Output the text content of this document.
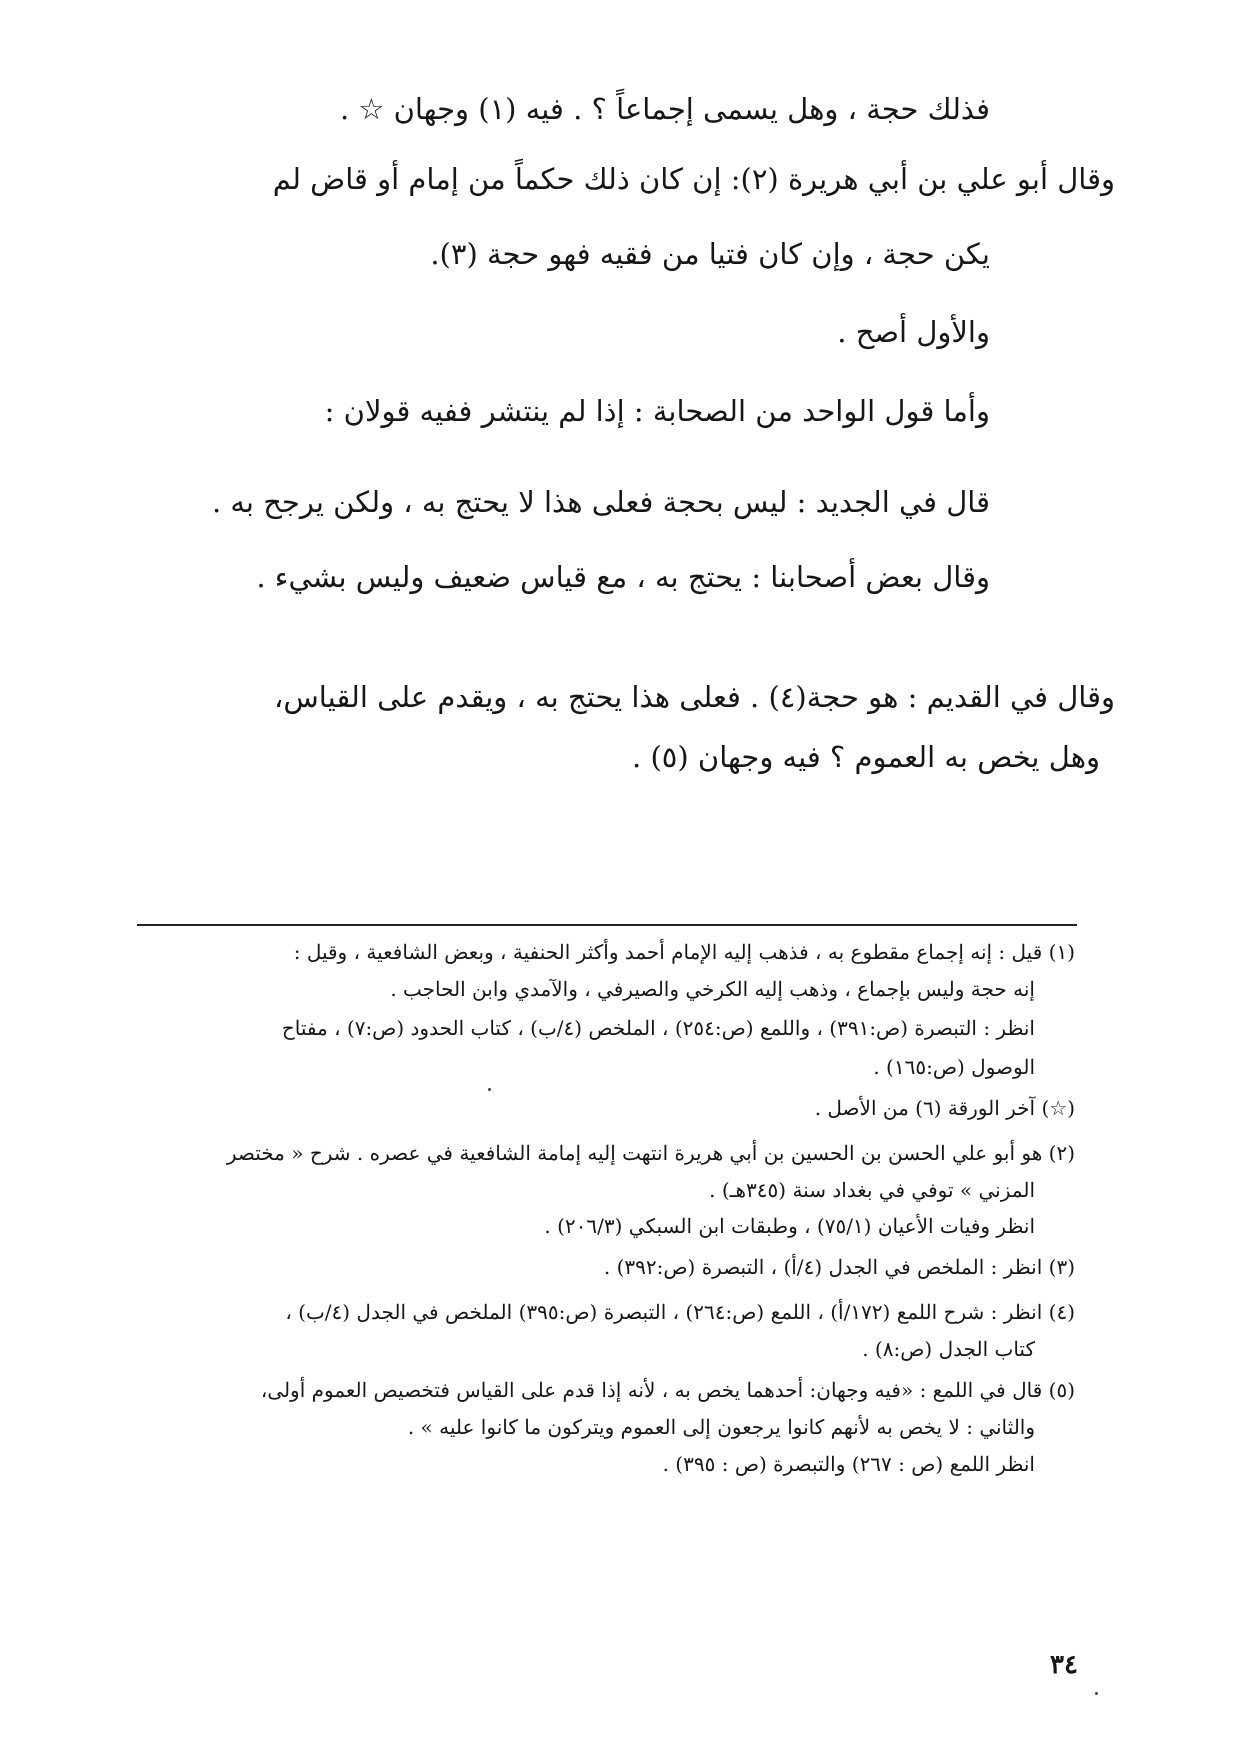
فذلك حجة ، وهل يسمى إجماعاً ؟ . فيه (١) وجهان ☆ .
وقال أبو علي بن أبي هريرة (٢): إن كان ذلك حكماً من إمام أو قاض لم
يكن حجة ، وإن كان فتيا من فقيه فهو حجة (٣).
والأول أصح .
وأما قول الواحد من الصحابة : إذا لم ينتشر ففيه قولان :
قال في الجديد : ليس بحجة فعلى هذا لا يحتج به ، ولكن يرجح به .
وقال بعض أصحابنا : يحتج به ، مع قياس ضعيف وليس بشيء .
وقال في القديم : هو حجة(٤) . فعلى هذا يحتج به ، ويقدم على القياس،
وهل يخص به العموم ؟ فيه وجهان (٥) .
(١) قيل : إنه إجماع مقطوع به ، فذهب إليه الإمام أحمد وأكثر الحنفية ، وبعض الشافعية ، وقيل :
إنه حجة وليس بإجماع ، وذهب إليه الكرخي والصيرفي ، والآمدي وابن الحاجب .
انظر : التبصرة (ص:٣٩١) ، واللمع (ص:٢٥٤) ، الملخص (٤/ب) ، كتاب الحدود (ص:٧) ، مفتاح
الوصول (ص:١٦٥) .
(☆) آخر الورقة (٦) من الأصل .
(٢) هو أبو علي الحسن بن الحسين بن أبي هريرة انتهت إليه إمامة الشافعية في عصره . شرح « مختصر
المزني » توفي في بغداد سنة (٣٤٥هـ) .
انظر وفيات الأعيان (٧٥/١) ، وطبقات ابن السبكي (٢٠٦/٣) .
(٣) انظر : الملخص في الجدل (٤/أ) ، التبصرة (ص:٣٩٢) .
(٤) انظر : شرح اللمع (١٧٢/أ) ، اللمع (ص:٢٦٤) ، التبصرة (ص:٣٩٥) الملخص في الجدل (٤/ب) ،
كتاب الجدل (ص:٨) .
(٥) قال في اللمع : «فيه وجهان: أحدهما يخص به ، لأنه إذا قدم على القياس فتخصيص العموم أولى،
والثاني : لا يخص به لأنهم كانوا يرجعون إلى العموم ويتركون ما كانوا عليه » .
انظر اللمع (ص : ٢٦٧) والتبصرة (ص : ٣٩٥) .
٣٤
